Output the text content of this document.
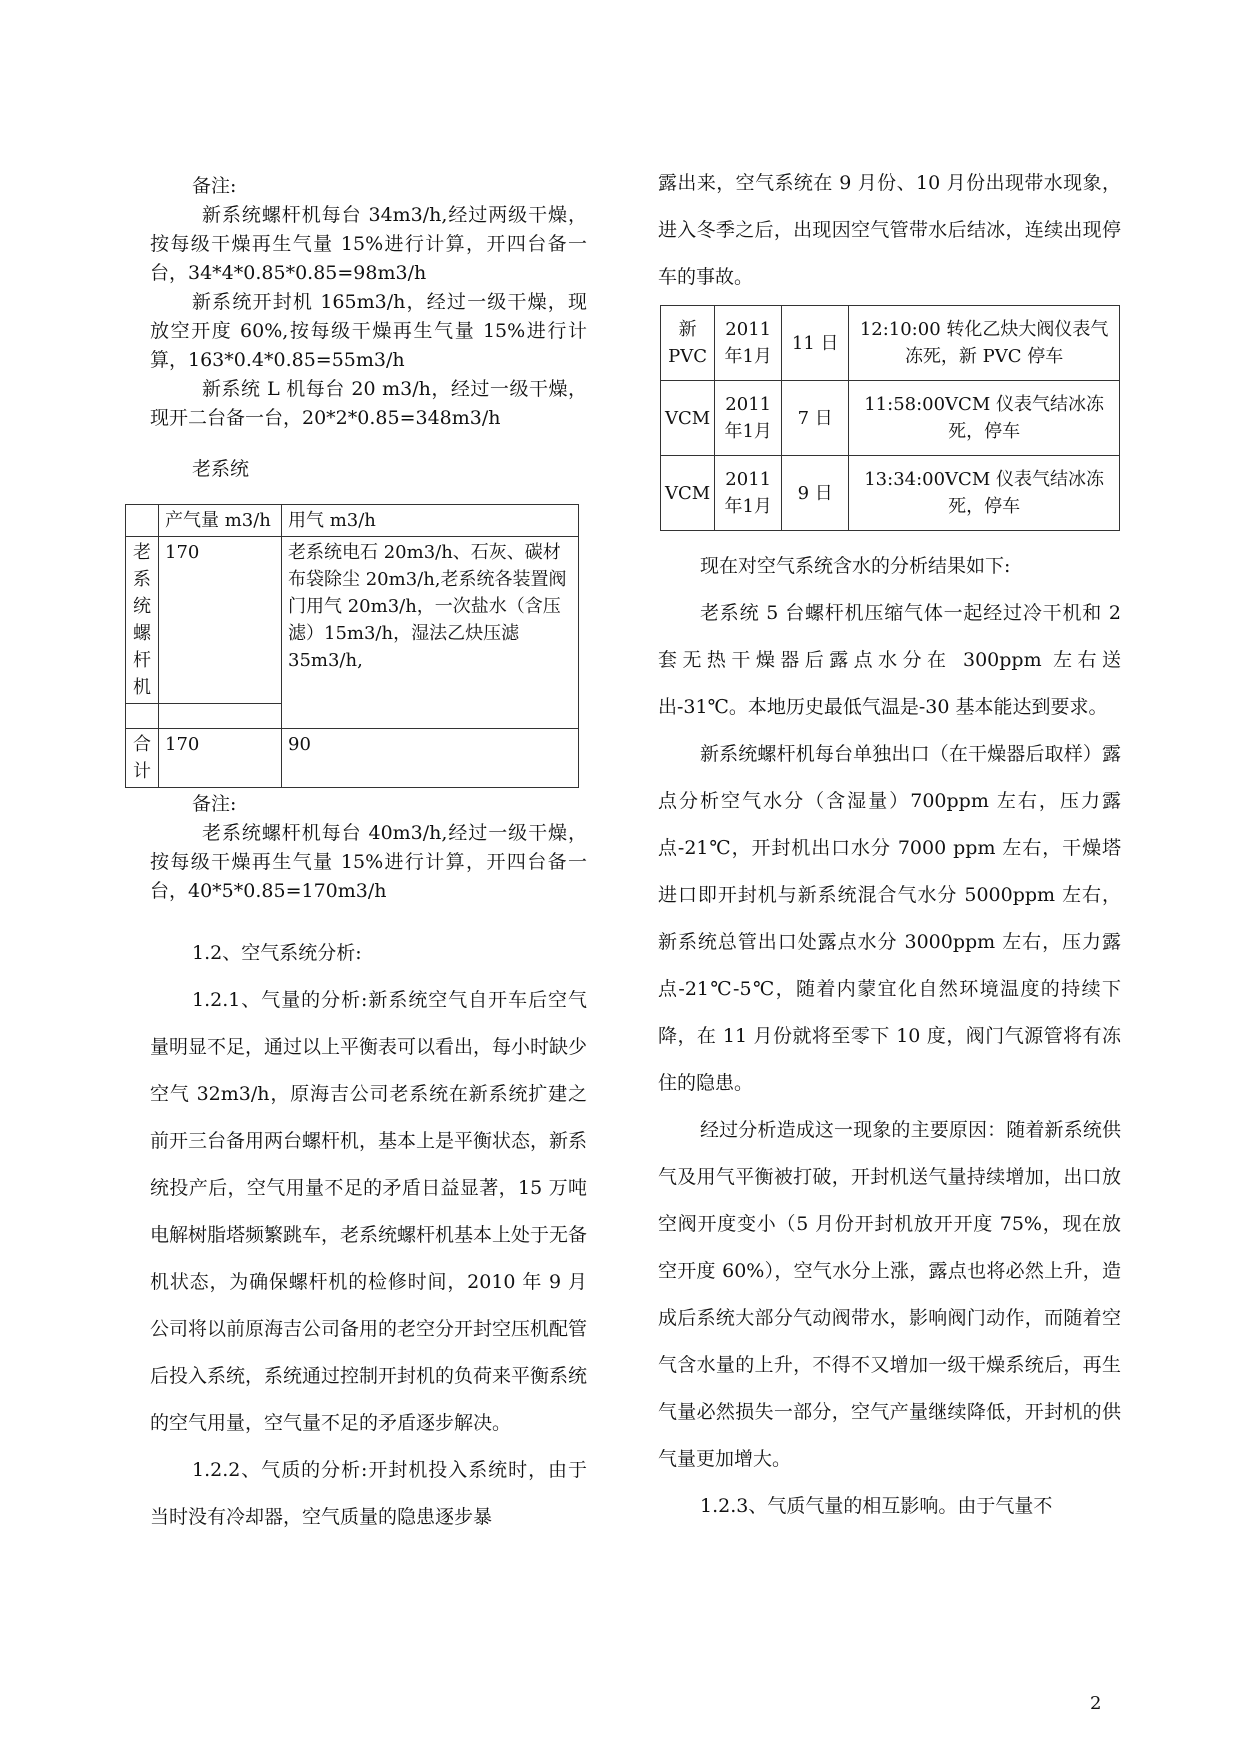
备注:

新系统螺杆机每台 34m3/h,经过两级干燥，按每级干燥再生气量 15%进行计算，开四台备一台，34*4*0.85*0.85=98m3/h

新系统开封机 165m3/h，经过一级干燥，现放空开度 60%,按每级干燥再生气量 15%进行计算，163*0.4*0.85=55m3/h

新系统 L 机每台 20 m3/h，经过一级干燥，现开二台备一台，20*2*0.85=348m3/h

老系统

	产气量 m3/h	用气 m3/h
老系统螺杆机	170	老系统电石 20m3/h、石灰、碳材布袋除尘 20m3/h,老系统各装置阀门用气 20m3/h，一次盐水（含压滤）15m3/h，湿法乙炔压滤 35m3/h,

合计	170	90

备注:

老系统螺杆机每台 40m3/h,经过一级干燥，按每级干燥再生气量 15%进行计算，开四台备一台，40*5*0.85=170m3/h

1.2、空气系统分析:

1.2.1、气量的分析:新系统空气自开车后空气量明显不足，通过以上平衡表可以看出，每小时缺少空气 32m3/h，原海吉公司老系统在新系统扩建之前开三台备用两台螺杆机，基本上是平衡状态，新系统投产后，空气用量不足的矛盾日益显著，15 万吨电解树脂塔频繁跳车，老系统螺杆机基本上处于无备机状态，为确保螺杆机的检修时间，2010 年 9 月公司将以前原海吉公司备用的老空分开封空压机配管后投入系统，系统通过控制开封机的负荷来平衡系统的空气用量，空气量不足的矛盾逐步解决。

1.2.2、气质的分析:开封机投入系统时，由于当时没有冷却器，空气质量的隐患逐步暴

露出来，空气系统在 9 月份、10 月份出现带水现象，进入冬季之后，出现因空气管带水后结冰，连续出现停车的事故。

新PVC	2011年1月	11 日	12:10:00 转化乙炔大阀仪表气冻死，新 PVC 停车
VCM	2011年1月	7 日	11:58:00VCM 仪表气结冰冻死，停车
VCM	2011年1月	9 日	13:34:00VCM 仪表气结冰冻死，停车

现在对空气系统含水的分析结果如下:

老系统 5 台螺杆机压缩气体一起经过冷干机和 2 套无热干燥器后露点水分在 300ppm 左右送出-31℃。本地历史最低气温是-30 基本能达到要求。

新系统螺杆机每台单独出口（在干燥器后取样）露点分析空气水分（含湿量）700ppm 左右，压力露点-21℃，开封机出口水分 7000 ppm 左右，干燥塔进口即开封机与新系统混合气水分 5000ppm 左右，新系统总管出口处露点水分 3000ppm 左右，压力露点-21℃-5℃，随着内蒙宜化自然环境温度的持续下降，在 11 月份就将至零下 10 度，阀门气源管将有冻住的隐患。

经过分析造成这一现象的主要原因：随着新系统供气及用气平衡被打破，开封机送气量持续增加，出口放空阀开度变小（5 月份开封机放开开度 75%，现在放空开度 60%），空气水分上涨，露点也将必然上升，造成后系统大部分气动阀带水，影响阀门动作，而随着空气含水量的上升，不得不又增加一级干燥系统后，再生气量必然损失一部分，空气产量继续降低，开封机的供气量更加增大。

1.2.3、气质气量的相互影响。由于气量不

2
